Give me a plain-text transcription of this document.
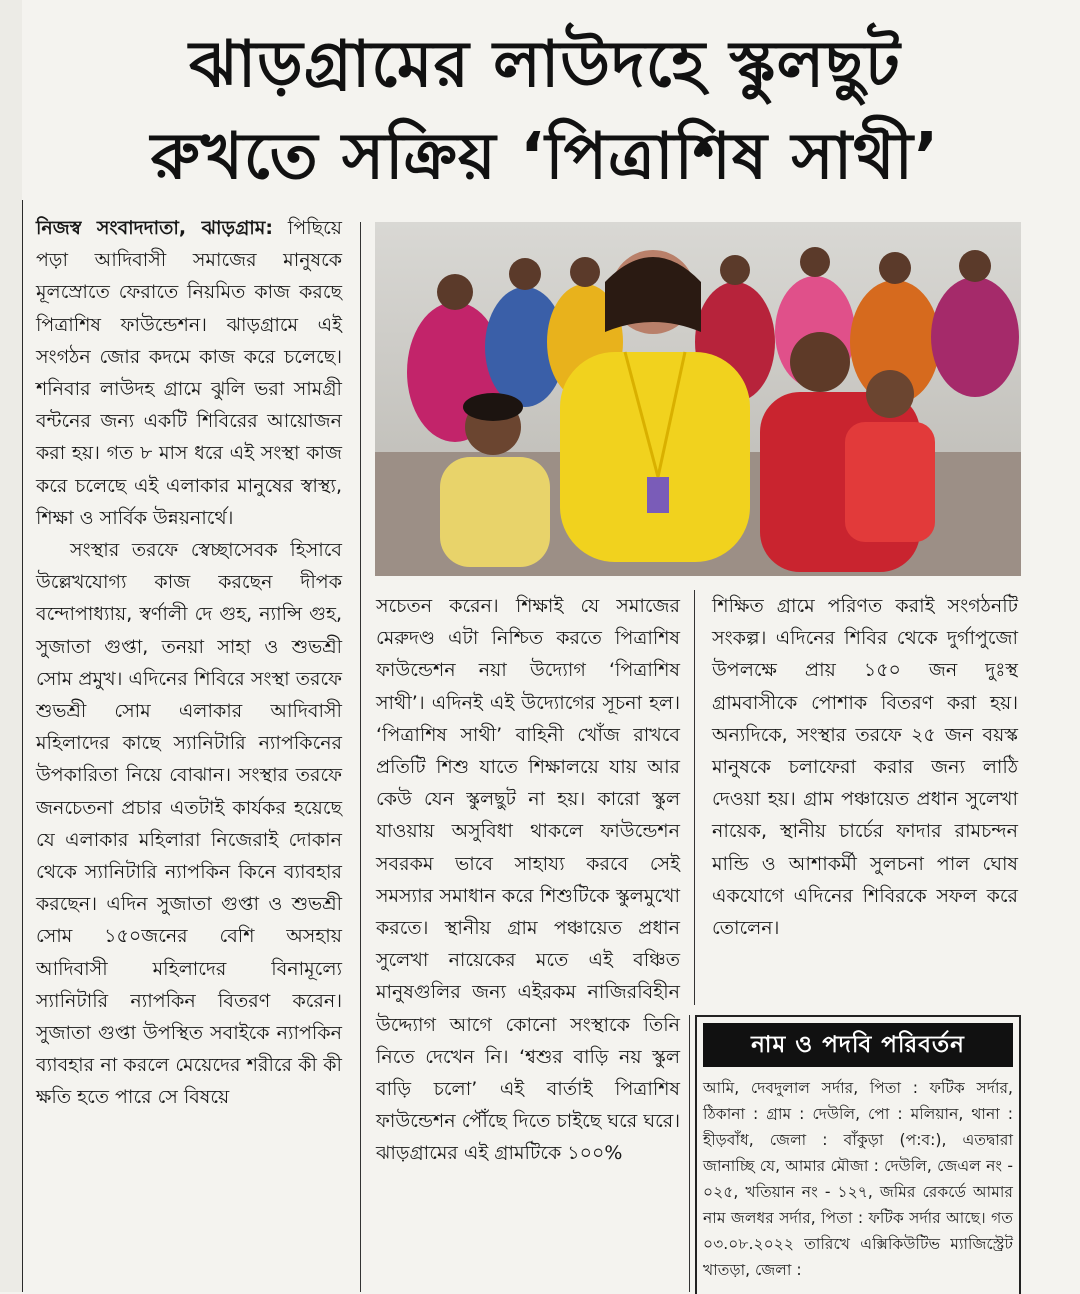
ঝাড়গ্রামের লাউদহে স্কুলছুট
রুখতে সক্রিয় ‘পিত্রাশিষ সাথী’

নিজস্ব সংবাদদাতা, ঝাড়গ্রাম: পিছিয়ে পড়া আদিবাসী সমাজের মানুষকে মূলস্রোতে ফেরাতে নিয়মিত কাজ করছে পিত্রাশিষ ফাউন্ডেশন। ঝাড়গ্রামে এই সংগঠন জোর কদমে কাজ করে চলেছে। শনিবার লাউদহ গ্রামে ঝুলি ভরা সামগ্রী বন্টনের জন্য একটি শিবিরের আয়োজন করা হয়। গত ৮ মাস ধরে এই সংস্থা কাজ করে চলেছে এই এলাকার মানুষের স্বাস্থ্য, শিক্ষা ও সার্বিক উন্নয়নার্থে।

সংস্থার তরফে স্বেচ্ছাসেবক হিসাবে উল্লেখযোগ্য কাজ করছেন দীপক বন্দোপাধ্যায়, স্বর্ণালী দে গুহ, ন্যান্সি গুহ, সুজাতা গুপ্তা, তনয়া সাহা ও শুভশ্রী সোম প্রমুখ। এদিনের শিবিরে সংস্থা তরফে শুভশ্রী সোম এলাকার আদিবাসী মহিলাদের কাছে স্যানিটারি ন্যাপকিনের উপকারিতা নিয়ে বোঝান। সংস্থার তরফে জনচেতনা প্রচার এতটাই কার্যকর হয়েছে যে এলাকার মহিলারা নিজেরাই দোকান থেকে স্যানিটারি ন্যাপকিন কিনে ব্যাবহার করছেন। এদিন সুজাতা গুপ্তা ও শুভশ্রী সোম ১৫০জনের বেশি অসহায় আদিবাসী মহিলাদের বিনামূল্যে স্যানিটারি ন্যাপকিন বিতরণ করেন। সুজাতা গুপ্তা উপস্থিত সবাইকে ন্যাপকিন ব্যাবহার না করলে মেয়েদের শরীরে কী কী ক্ষতি হতে পারে সে বিষয়ে

সচেতন করেন। শিক্ষাই যে সমাজের মেরুদণ্ড এটা নিশ্চিত করতে পিত্রাশিষ ফাউন্ডেশন নয়া উদ্যোগ ‘পিত্রাশিষ সাথী’। এদিনই এই উদ্যোগের সূচনা হল। ‘পিত্রাশিষ সাথী’ বাহিনী খোঁজ রাখবে প্রতিটি শিশু যাতে শিক্ষালয়ে যায় আর কেউ যেন স্কুলছুট না হয়। কারো স্কুল যাওয়ায় অসুবিধা থাকলে ফাউন্ডেশন সবরকম ভাবে সাহায্য করবে সেই সমস্যার সমাধান করে শিশুটিকে স্কুলমুখো করতে। স্থানীয় গ্রাম পঞ্চায়েত প্রধান সুলেখা নায়েকের মতে এই বঞ্চিত মানুষগুলির জন্য এইরকম নাজিরবিহীন উদ্দ্যোগ আগে কোনো সংস্থাকে তিনি নিতে দেখেন নি। ‘শ্বশুর বাড়ি নয় স্কুল বাড়ি চলো’ এই বার্তাই পিত্রাশিষ ফাউন্ডেশন পৌঁছে দিতে চাইছে ঘরে ঘরে। ঝাড়গ্রামের এই গ্রামটিকে ১০০%

শিক্ষিত গ্রামে পরিণত করাই সংগঠনটি সংকল্প। এদিনের শিবির থেকে দুর্গাপুজো উপলক্ষে প্রায় ১৫০ জন দুঃস্থ গ্রামবাসীকে পোশাক বিতরণ করা হয়। অন্যদিকে, সংস্থার তরফে ২৫ জন বয়স্ক মানুষকে চলাফেরা করার জন্য লাঠি দেওয়া হয়। গ্রাম পঞ্চায়েত প্রধান সুলেখা নায়েক, স্থানীয় চার্চের ফাদার রামচন্দন মান্ডি ও আশাকর্মী সুলচনা পাল ঘোষ একযোগে এদিনের শিবিরকে সফল করে তোলেন।

নাম ও পদবি পরিবর্তন
আমি, দেবদুলাল সর্দার, পিতা : ফটিক সর্দার, ঠিকানা : গ্রাম : দেউলি, পো : মলিয়ান, থানা : হীড়বাঁধ, জেলা : বাঁকুড়া (প:ব:), এতদ্বারা জানাচ্ছি যে, আমার মৌজা : দেউলি, জেএল নং - ০২৫, খতিয়ান নং - ১২৭, জমির রেকর্ডে আমার নাম জলধর সর্দার, পিতা : ফটিক সর্দার আছে। গত ০৩.০৮.২০২২ তারিখে এক্সিকিউটিভ ম্যাজিস্ট্রেট খাতড়া, জেলা :
